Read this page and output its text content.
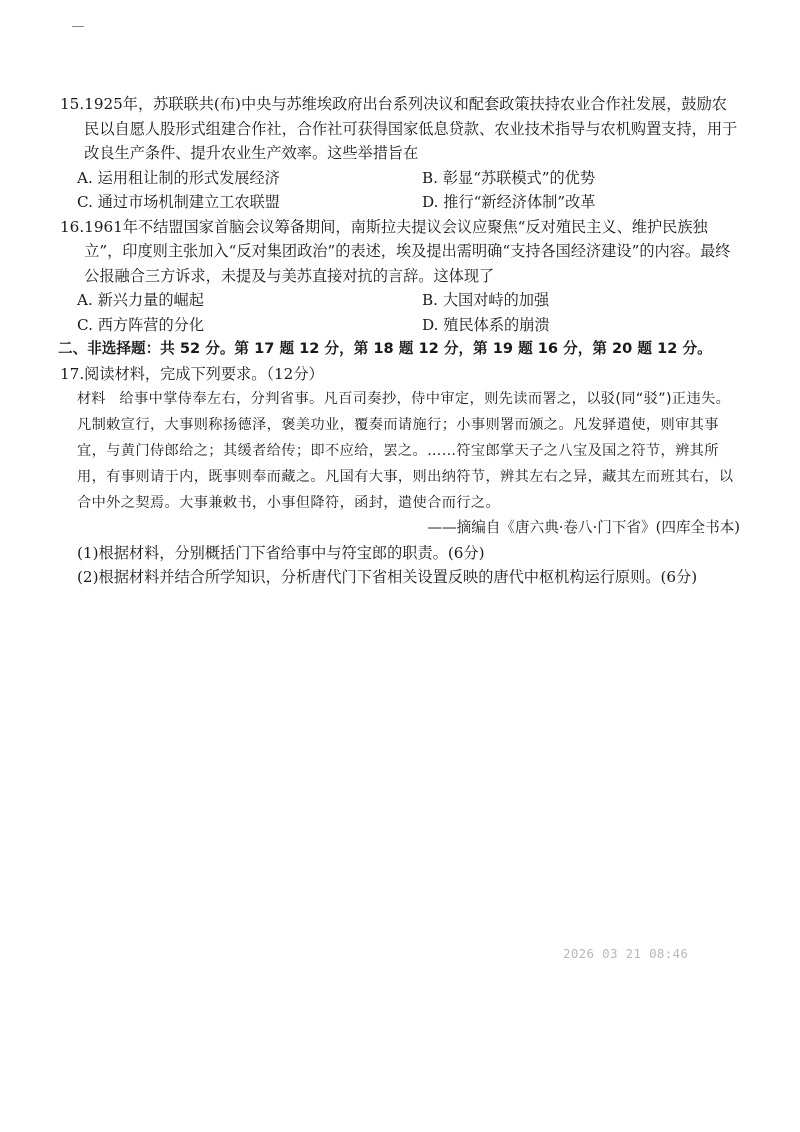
15. 1925年，苏联联共(布)中央与苏维埃政府出台系列决议和配套政策扶持农业合作社发展，鼓励农民以自愿人股形式组建合作社，合作社可获得国家低息贷款、农业技术指导与农机购置支持，用于改良生产条件、提升农业生产效率。这些举措旨在
A. 运用租让制的形式发展经济	B. 彰显“苏联模式”的优势
C. 通过市场机制建立工农联盟	D. 推行“新经济体制”改革
16. 1961年不结盟国家首脑会议筹备期间，南斯拉夫提议会议应聚焦“反对殖民主义、维护民族独立”，印度则主张加入“反对集团政治”的表述，埃及提出需明确“支持各国经济建设”的内容。最终公报融合三方诉求，未提及与美苏直接对抗的言辞。这体现了
A. 新兴力量的崛起	B. 大国对峙的加强
C. 西方阵营的分化	D. 殖民体系的崩溃
二、非选择题：共 52 分。第 17 题 12 分，第 18 题 12 分，第 19 题 16 分，第 20 题 12 分。
17. 阅读材料，完成下列要求。（12分）
材料 给事中掌侍奉左右，分判省事。凡百司奏抄，侍中审定，则先读而署之，以驳(同“驳”)正违失。凡制敕宣行，大事则称扬德泽，褒美功业，覆奏而请施行；小事则署而颁之。凡发驿遣使，则审其事宜，与黄门侍郎给之；其缓者给传；即不应给，罢之。……符宝郎掌天子之八宝及国之符节，辨其所用，有事则请于内，既事则奉而藏之。凡国有大事，则出纳符节，辨其左右之异，藏其左而班其右，以合中外之契焉。大事兼敕书，小事但降符，函封，遣使合而行之。
——摘编自《唐六典·卷八·门下省》(四库全书本)
(1)根据材料，分别概括门下省给事中与符宝郎的职责。(6分)
(2)根据材料并结合所学知识，分析唐代门下省相关设置反映的唐代中枢机构运行原则。(6分)
2026 03 21 08:46
